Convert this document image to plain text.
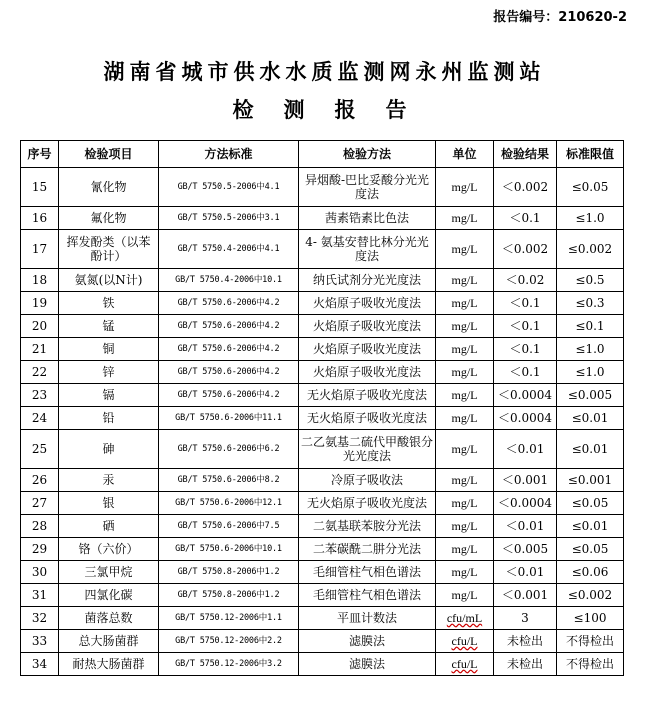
报告编号：210620-2
湖南省城市供水水质监测网永州监测站
检测报告
序号	检验项目	方法标准	检验方法	单位	检验结果	标准限值
15	氰化物	GB/T 5750.5-2006中4.1	异烟酸-巴比妥酸分光光度法	mg/L	＜0.002	≤0.05
16	氟化物	GB/T 5750.5-2006中3.1	茜素锆素比色法	mg/L	＜0.1	≤1.0
17	挥发酚类（以苯酚计）	GB/T 5750.4-2006中4.1	4- 氨基安替比林分光光度法	mg/L	＜0.002	≤0.002
18	氨氮(以N计)	GB/T 5750.4-2006中10.1	纳氏试剂分光光度法	mg/L	＜0.02	≤0.5
19	铁	GB/T 5750.6-2006中4.2	火焰原子吸收光度法	mg/L	＜0.1	≤0.3
20	锰	GB/T 5750.6-2006中4.2	火焰原子吸收光度法	mg/L	＜0.1	≤0.1
21	铜	GB/T 5750.6-2006中4.2	火焰原子吸收光度法	mg/L	＜0.1	≤1.0
22	锌	GB/T 5750.6-2006中4.2	火焰原子吸收光度法	mg/L	＜0.1	≤1.0
23	镉	GB/T 5750.6-2006中4.2	无火焰原子吸收光度法	mg/L	＜0.0004	≤0.005
24	铅	GB/T 5750.6-2006中11.1	无火焰原子吸收光度法	mg/L	＜0.0004	≤0.01
25	砷	GB/T 5750.6-2006中6.2	二乙氨基二硫代甲酸银分光光度法	mg/L	＜0.01	≤0.01
26	汞	GB/T 5750.6-2006中8.2	冷原子吸收法	mg/L	＜0.001	≤0.001
27	银	GB/T 5750.6-2006中12.1	无火焰原子吸收光度法	mg/L	＜0.0004	≤0.05
28	硒	GB/T 5750.6-2006中7.5	二氨基联苯胺分光法	mg/L	＜0.01	≤0.01
29	铬（六价）	GB/T 5750.6-2006中10.1	二苯碳酰二肼分光法	mg/L	＜0.005	≤0.05
30	三氯甲烷	GB/T 5750.8-2006中1.2	毛细管柱气相色谱法	mg/L	＜0.01	≤0.06
31	四氯化碳	GB/T 5750.8-2006中1.2	毛细管柱气相色谱法	mg/L	＜0.001	≤0.002
32	菌落总数	GB/T 5750.12-2006中1.1	平皿计数法	cfu/mL	3	≤100
33	总大肠菌群	GB/T 5750.12-2006中2.2	滤膜法	cfu/L	未检出	不得检出
34	耐热大肠菌群	GB/T 5750.12-2006中3.2	滤膜法	cfu/L	未检出	不得检出
